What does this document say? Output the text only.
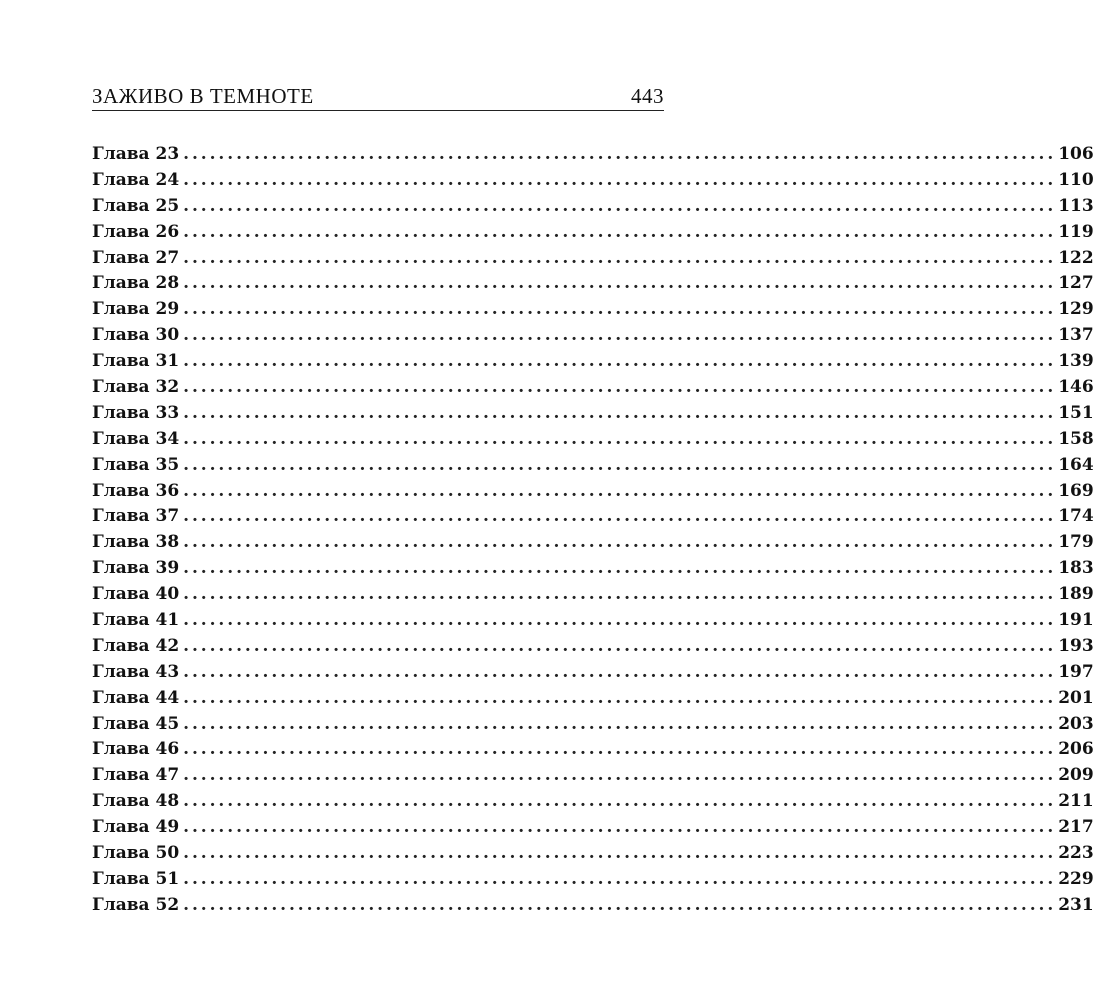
ЗАЖИВО В ТЕМНОТЕ	443
Глава 23 ................................................................................................... 106
Глава 24 ................................................................................................... 110
Глава 25 ................................................................................................... 113
Глава 26 ................................................................................................... 119
Глава 27 ................................................................................................... 122
Глава 28 ................................................................................................... 127
Глава 29 ................................................................................................... 129
Глава 30 ................................................................................................... 137
Глава 31 ................................................................................................... 139
Глава 32 ................................................................................................... 146
Глава 33 ................................................................................................... 151
Глава 34 ................................................................................................... 158
Глава 35 ................................................................................................... 164
Глава 36 ................................................................................................... 169
Глава 37 ................................................................................................... 174
Глава 38 ................................................................................................... 179
Глава 39 ................................................................................................... 183
Глава 40 ................................................................................................... 189
Глава 41 ................................................................................................... 191
Глава 42 ................................................................................................... 193
Глава 43 ................................................................................................... 197
Глава 44 ................................................................................................... 201
Глава 45 ................................................................................................... 203
Глава 46 ................................................................................................... 206
Глава 47 ................................................................................................... 209
Глава 48 ................................................................................................... 211
Глава 49 ................................................................................................... 217
Глава 50 ................................................................................................... 223
Глава 51 ................................................................................................... 229
Глава 52 ................................................................................................... 231
